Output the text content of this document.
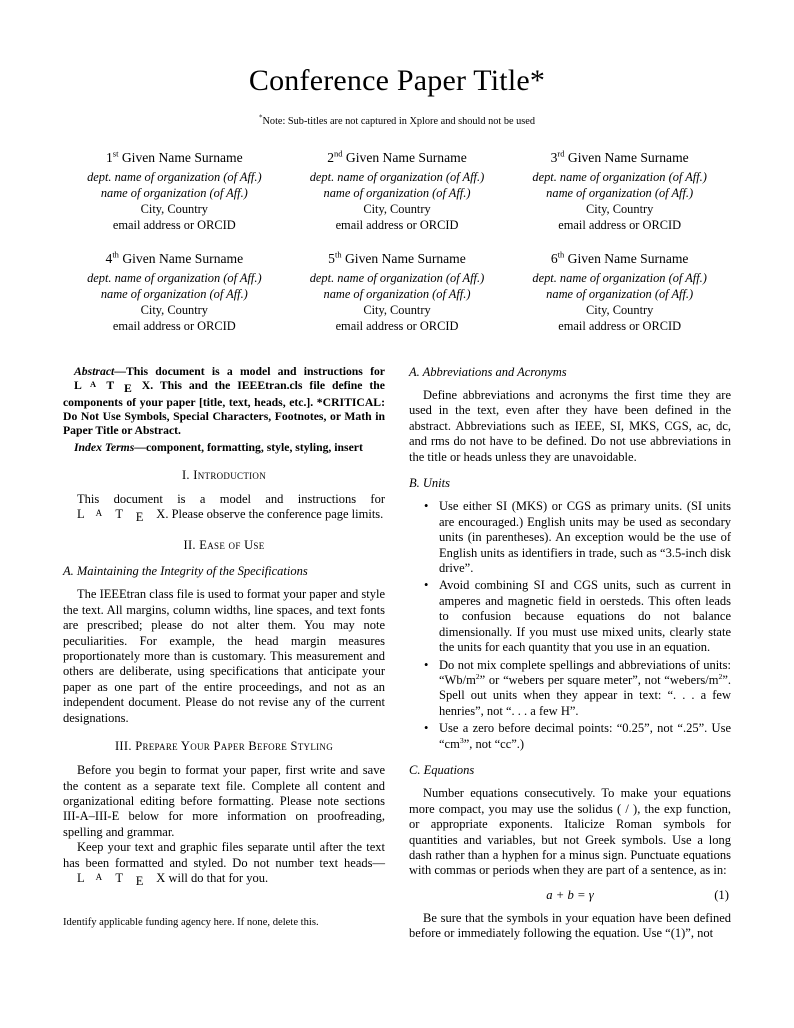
Conference Paper Title*
*Note: Sub-titles are not captured in Xplore and should not be used
1st Given Name Surname
dept. name of organization (of Aff.)
name of organization (of Aff.)
City, Country
email address or ORCID
2nd Given Name Surname
dept. name of organization (of Aff.)
name of organization (of Aff.)
City, Country
email address or ORCID
3rd Given Name Surname
dept. name of organization (of Aff.)
name of organization (of Aff.)
City, Country
email address or ORCID
4th Given Name Surname
dept. name of organization (of Aff.)
name of organization (of Aff.)
City, Country
email address or ORCID
5th Given Name Surname
dept. name of organization (of Aff.)
name of organization (of Aff.)
City, Country
email address or ORCID
6th Given Name Surname
dept. name of organization (of Aff.)
name of organization (of Aff.)
City, Country
email address or ORCID

Abstract—This document is a model and instructions for L A T E X. This and the IEEEtran.cls file define the components of your paper [title, text, heads, etc.]. *CRITICAL: Do Not Use Symbols, Special Characters, Footnotes, or Math in Paper Title or Abstract.

Index Terms—component, formatting, style, styling, insert

I. Introduction

This document is a model and instructions for L A T E X. Please observe the conference page limits.

II. Ease of Use
A. Maintaining the Integrity of the Specifications

The IEEEtran class file is used to format your paper and style the text. All margins, column widths, line spaces, and text fonts are prescribed; please do not alter them. You may note peculiarities. For example, the head margin measures proportionately more than is customary. This measurement and others are deliberate, using specifications that anticipate your paper as one part of the entire proceedings, and not as an independent document. Please do not revise any of the current designations.

III. Prepare Your Paper Before Styling

Before you begin to format your paper, first write and save the content as a separate text file. Complete all content and organizational editing before formatting. Please note sections III-A–III-E below for more information on proofreading, spelling and grammar.

Keep your text and graphic files separate until after the text has been formatted and styled. Do not number text heads—L A T E X will do that for you.

Identify applicable funding agency here. If none, delete this.
A. Abbreviations and Acronyms

Define abbreviations and acronyms the first time they are used in the text, even after they have been defined in the abstract. Abbreviations such as IEEE, SI, MKS, CGS, ac, dc, and rms do not have to be defined. Do not use abbreviations in the title or heads unless they are unavoidable.

B. Units
• Use either SI (MKS) or CGS as primary units. (SI units are encouraged.) English units may be used as secondary units (in parentheses). An exception would be the use of English units as identifiers in trade, such as “3.5-inch disk drive”.
• Avoid combining SI and CGS units, such as current in amperes and magnetic field in oersteds. This often leads to confusion because equations do not balance dimensionally. If you must use mixed units, clearly state the units for each quantity that you use in an equation.
• Do not mix complete spellings and abbreviations of units: “$Wb/m^2$” or “webers per square meter”, not “$webers/m^2$”. Spell out units when they appear in text: “. . . a few henries”, not “. . . a few H”.
• Use a zero before decimal points: “0.25”, not “.25”. Use “$cm^3$”, not “cc”.)
C. Equations

Number equations consecutively. To make your equations more compact, you may use the solidus ( / ), the exp function, or appropriate exponents. Italicize Roman symbols for quantities and variables, but not Greek symbols. Use a long dash rather than a hyphen for a minus sign. Punctuate equations with commas or periods when they are part of a sentence, as in:

a + b = γ	(1)

Be sure that the symbols in your equation have been defined before or immediately following the equation. Use “(1)”, not
